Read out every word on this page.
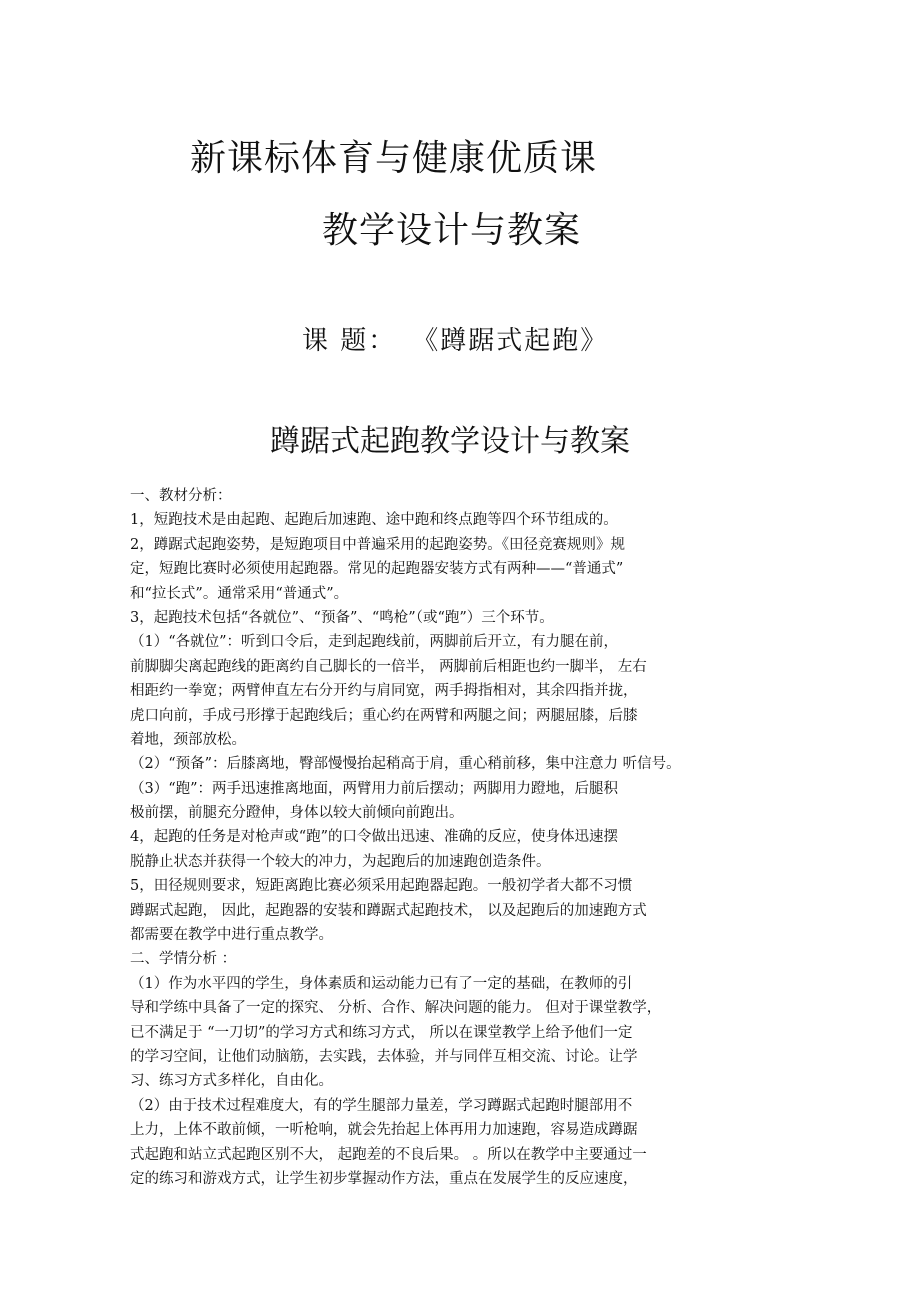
新课标体育与健康优质课
教学设计与教案
课 题： 《蹲踞式起跑》
蹲踞式起跑教学设计与教案
一、教材分析：
1，短跑技术是由起跑、起跑后加速跑、途中跑和终点跑等四个环节组成的。
2，蹲踞式起跑姿势，是短跑项目中普遍采用的起跑姿势。《田径竞赛规则》规
定，短跑比赛时必须使用起跑器。常见的起跑器安装方式有两种——“普通式”
和“拉长式”。通常采用“普通式”。
3，起跑技术包括“各就位”、“预备”、“鸣枪”（或“跑”）三个环节。
（1）“各就位”：听到口令后，走到起跑线前，两脚前后开立，有力腿在前，
前脚脚尖离起跑线的距离约自己脚长的一倍半， 两脚前后相距也约一脚半， 左右
相距约一拳宽；两臂伸直左右分开约与肩同宽，两手拇指相对，其余四指并拢，
虎口向前，手成弓形撑于起跑线后；重心约在两臂和两腿之间；两腿屈膝，后膝
着地，颈部放松。
（2）“预备”：后膝离地，臀部慢慢抬起稍高于肩，重心稍前移，集中注意力 听信号。
（3）“跑”：两手迅速推离地面，两臂用力前后摆动；两脚用力蹬地，后腿积
极前摆，前腿充分蹬伸，身体以较大前倾向前跑出。
4，起跑的任务是对枪声或“跑”的口令做出迅速、准确的反应，使身体迅速摆
脱静止状态并获得一个较大的冲力，为起跑后的加速跑创造条件。
5，田径规则要求，短距离跑比赛必须采用起跑器起跑。一般初学者大都不习惯
蹲踞式起跑， 因此，起跑器的安装和蹲踞式起跑技术， 以及起跑后的加速跑方式
都需要在教学中进行重点教学。
二、学情分析 ：
（1）作为水平四的学生，身体素质和运动能力已有了一定的基础，在教师的引
导和学练中具备了一定的探究、 分析、合作、解决问题的能力。 但对于课堂教学，
已不满足于 “一刀切”的学习方式和练习方式， 所以在课堂教学上给予他们一定
的学习空间，让他们动脑筋，去实践，去体验，并与同伴互相交流、讨论。让学
习、练习方式多样化，自由化。
（2）由于技术过程难度大，有的学生腿部力量差，学习蹲踞式起跑时腿部用不
上力，上体不敢前倾，一听枪响，就会先抬起上体再用力加速跑，容易造成蹲踞
式起跑和站立式起跑区别不大， 起跑差的不良后果。 。所以在教学中主要通过一
定的练习和游戏方式，让学生初步掌握动作方法，重点在发展学生的反应速度，
